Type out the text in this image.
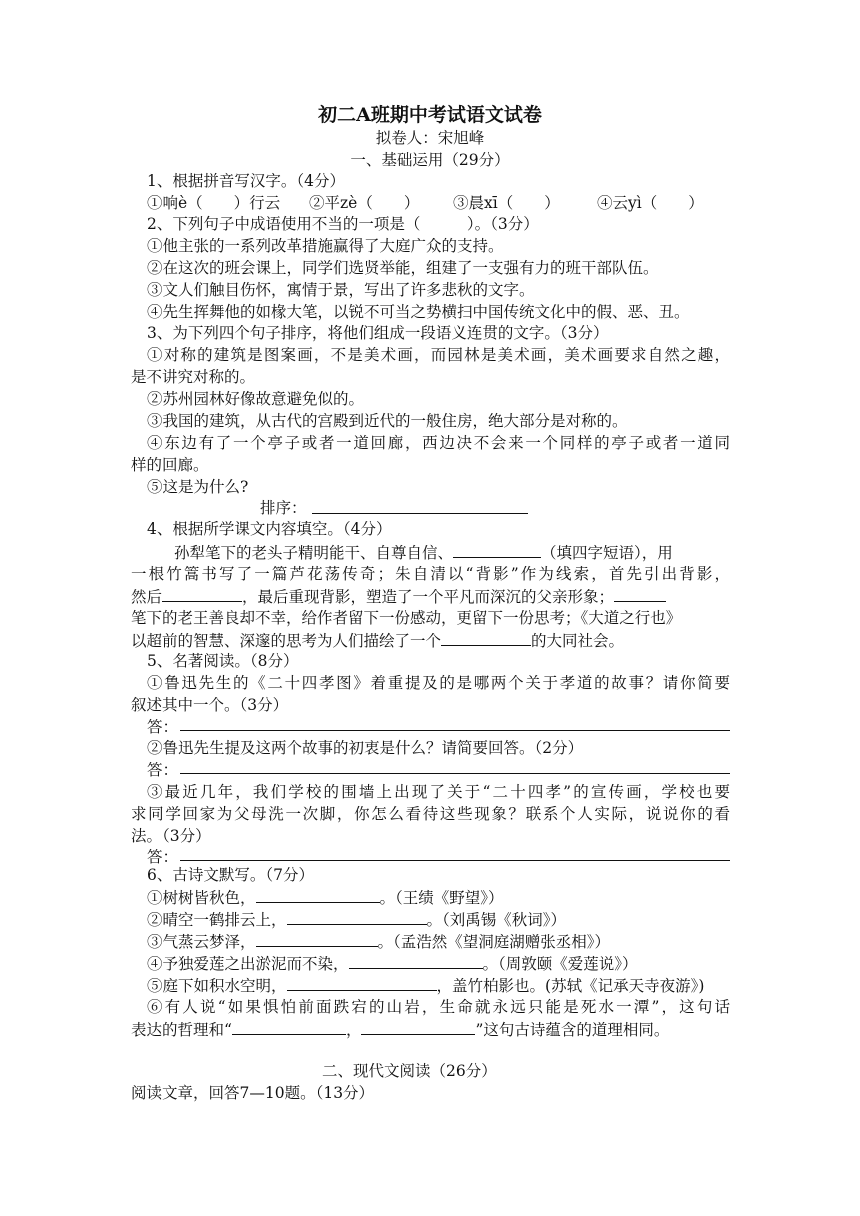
初二A班期中考试语文试卷
拟卷人：宋旭峰
一、基础运用（29分）
1、根据拼音写汉字。（4分）
①响è（　　）行云 ②平zè（　　） ③晨xī（　　） ④云yì（　　）
2、下列句子中成语使用不当的一项是（　　　）。（3分）
①他主张的一系列改革措施赢得了大庭广众的支持。
②在这次的班会课上，同学们选贤举能，组建了一支强有力的班干部队伍。
③文人们触目伤怀，寓情于景，写出了许多悲秋的文字。
④先生挥舞他的如椽大笔，以锐不可当之势横扫中国传统文化中的假、恶、丑。
3、为下列四个句子排序，将他们组成一段语义连贯的文字。（3分）
①对称的建筑是图案画，不是美术画，而园林是美术画，美术画要求自然之趣，
是不讲究对称的。
②苏州园林好像故意避免似的。
③我国的建筑，从古代的宫殿到近代的一般住房，绝大部分是对称的。
④东边有了一个亭子或者一道回廊，西边决不会来一个同样的亭子或者一道同
样的回廊。
⑤这是为什么?
排序：
4、根据所学课文内容填空。（4分）
孙犁笔下的老头子精明能干、自尊自信、	（填四字短语），用
一根竹篙书写了一篇芦花荡传奇；朱自清以“背影”作为线索，首先引出背影，
然后	，最后重现背影，塑造了一个平凡而深沉的父亲形象；
笔下的老王善良却不幸，给作者留下一份感动，更留下一份思考；《大道之行也》
以超前的智慧、深邃的思考为人们描绘了一个	的大同社会。
5、名著阅读。（8分）
①鲁迅先生的《二十四孝图》着重提及的是哪两个关于孝道的故事？请你简要
叙述其中一个。（3分）
答：
②鲁迅先生提及这两个故事的初衷是什么？请简要回答。（2分）
答：
③最近几年，我们学校的围墙上出现了关于“二十四孝”的宣传画，学校也要
求同学回家为父母洗一次脚，你怎么看待这些现象？联系个人实际，说说你的看
法。（3分）
答：
6、古诗文默写。（7分）
①树树皆秋色，	。（王绩《野望》）
②晴空一鹤排云上，	。（刘禹锡《秋词》）
③气蒸云梦泽，	。（孟浩然《望洞庭湖赠张丞相》）
④予独爱莲之出淤泥而不染，	。（周敦颐《爱莲说》）
⑤庭下如积水空明，	，盖竹柏影也。(苏轼《记承天寺夜游》)
⑥有人说“如果惧怕前面跌宕的山岩，生命就永远只能是死水一潭”，这句话
表达的哲理和“	，	”这句古诗蕴含的道理相同。
二、现代文阅读（26分）
阅读文章，回答7—10题。（13分）
